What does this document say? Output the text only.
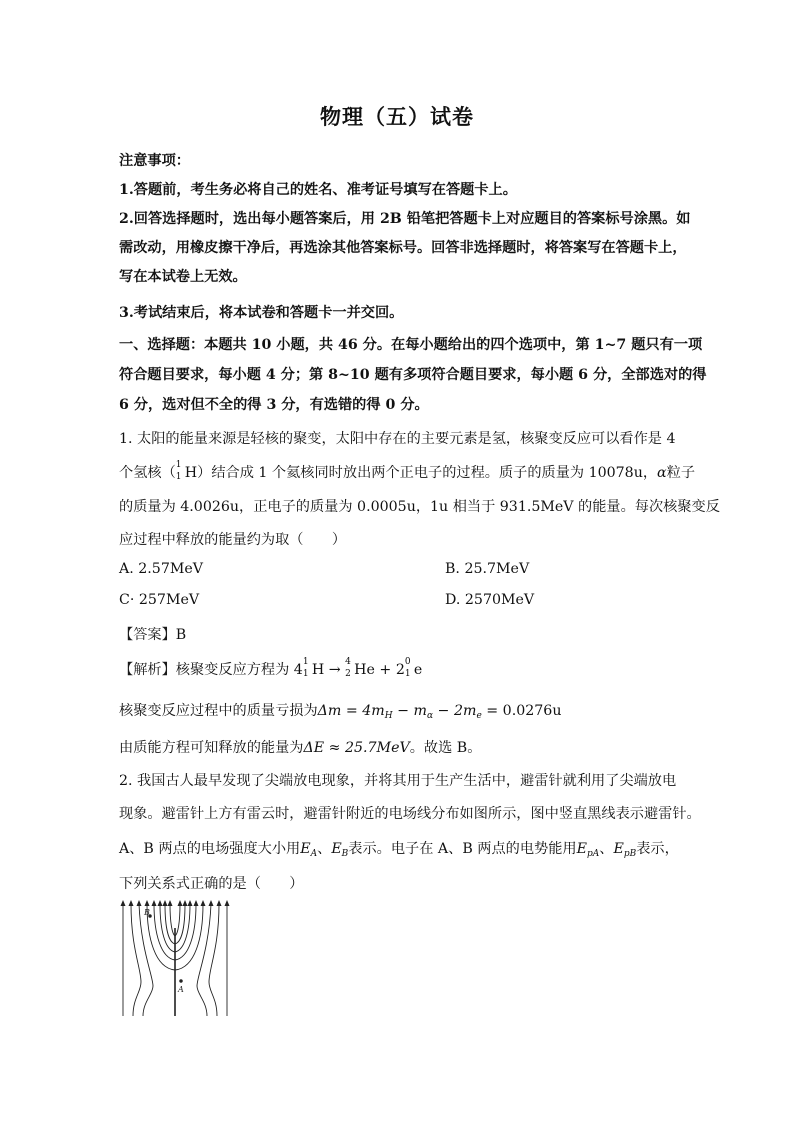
物理（五）试卷
注意事项：
1.答题前，考生务必将自己的姓名、准考证号填写在答题卡上。
2.回答选择题时，选出每小题答案后，用 2B 铅笔把答题卡上对应题目的答案标号涂黑。如
需改动，用橡皮擦干净后，再选涂其他答案标号。回答非选择题时，将答案写在答题卡上，
写在本试卷上无效。
3.考试结束后，将本试卷和答题卡一并交回。
一、选择题：本题共 10 小题，共 46 分。在每小题给出的四个选项中，第 1~7 题只有一项
符合题目要求，每小题 4 分；第 8~10 题有多项符合题目要求，每小题 6 分，全部选对的得
6 分，选对但不全的得 3 分，有选错的得 0 分。
1. 太阳的能量来源是轻核的聚变，太阳中存在的主要元素是氢，核聚变反应可以看作是 4
个氢核（ 1
1 H）结合成 1 个氦核同时放出两个正电子的过程。质子的质量为 10078u，α粒子
的质量为 4.0026u，正电子的质量为 0.0005u，1u 相当于 931.5MeV 的能量。每次核聚变反
应过程中释放的能量约为取（　　）
A. 2.57MeV	B. 25.7MeV
C· 257MeV	D. 2570MeV
【答案】B
【解析】核聚变反应方程为 4 1
1 H → 4
2 He + 2 0
1 e
核聚变反应过程中的质量亏损为$\Delta m = 4m_H - m_\alpha - 2m_e = 0.0276u$
由质能方程可知释放的能量为ΔE ≈ 25.7MeV。故选 B。
2. 我国古人最早发现了尖端放电现象，并将其用于生产生活中，避雷针就利用了尖端放电
现象。避雷针上方有雷云时，避雷针附近的电场线分布如图所示，图中竖直黑线表示避雷针。
A、B 两点的电场强度大小用$E_A$、$E_B$表示。电子在 A、B 两点的电势能用$E_{pA}$、$E_{pB}$表示，
下列关系式正确的是（　　）
B
A
